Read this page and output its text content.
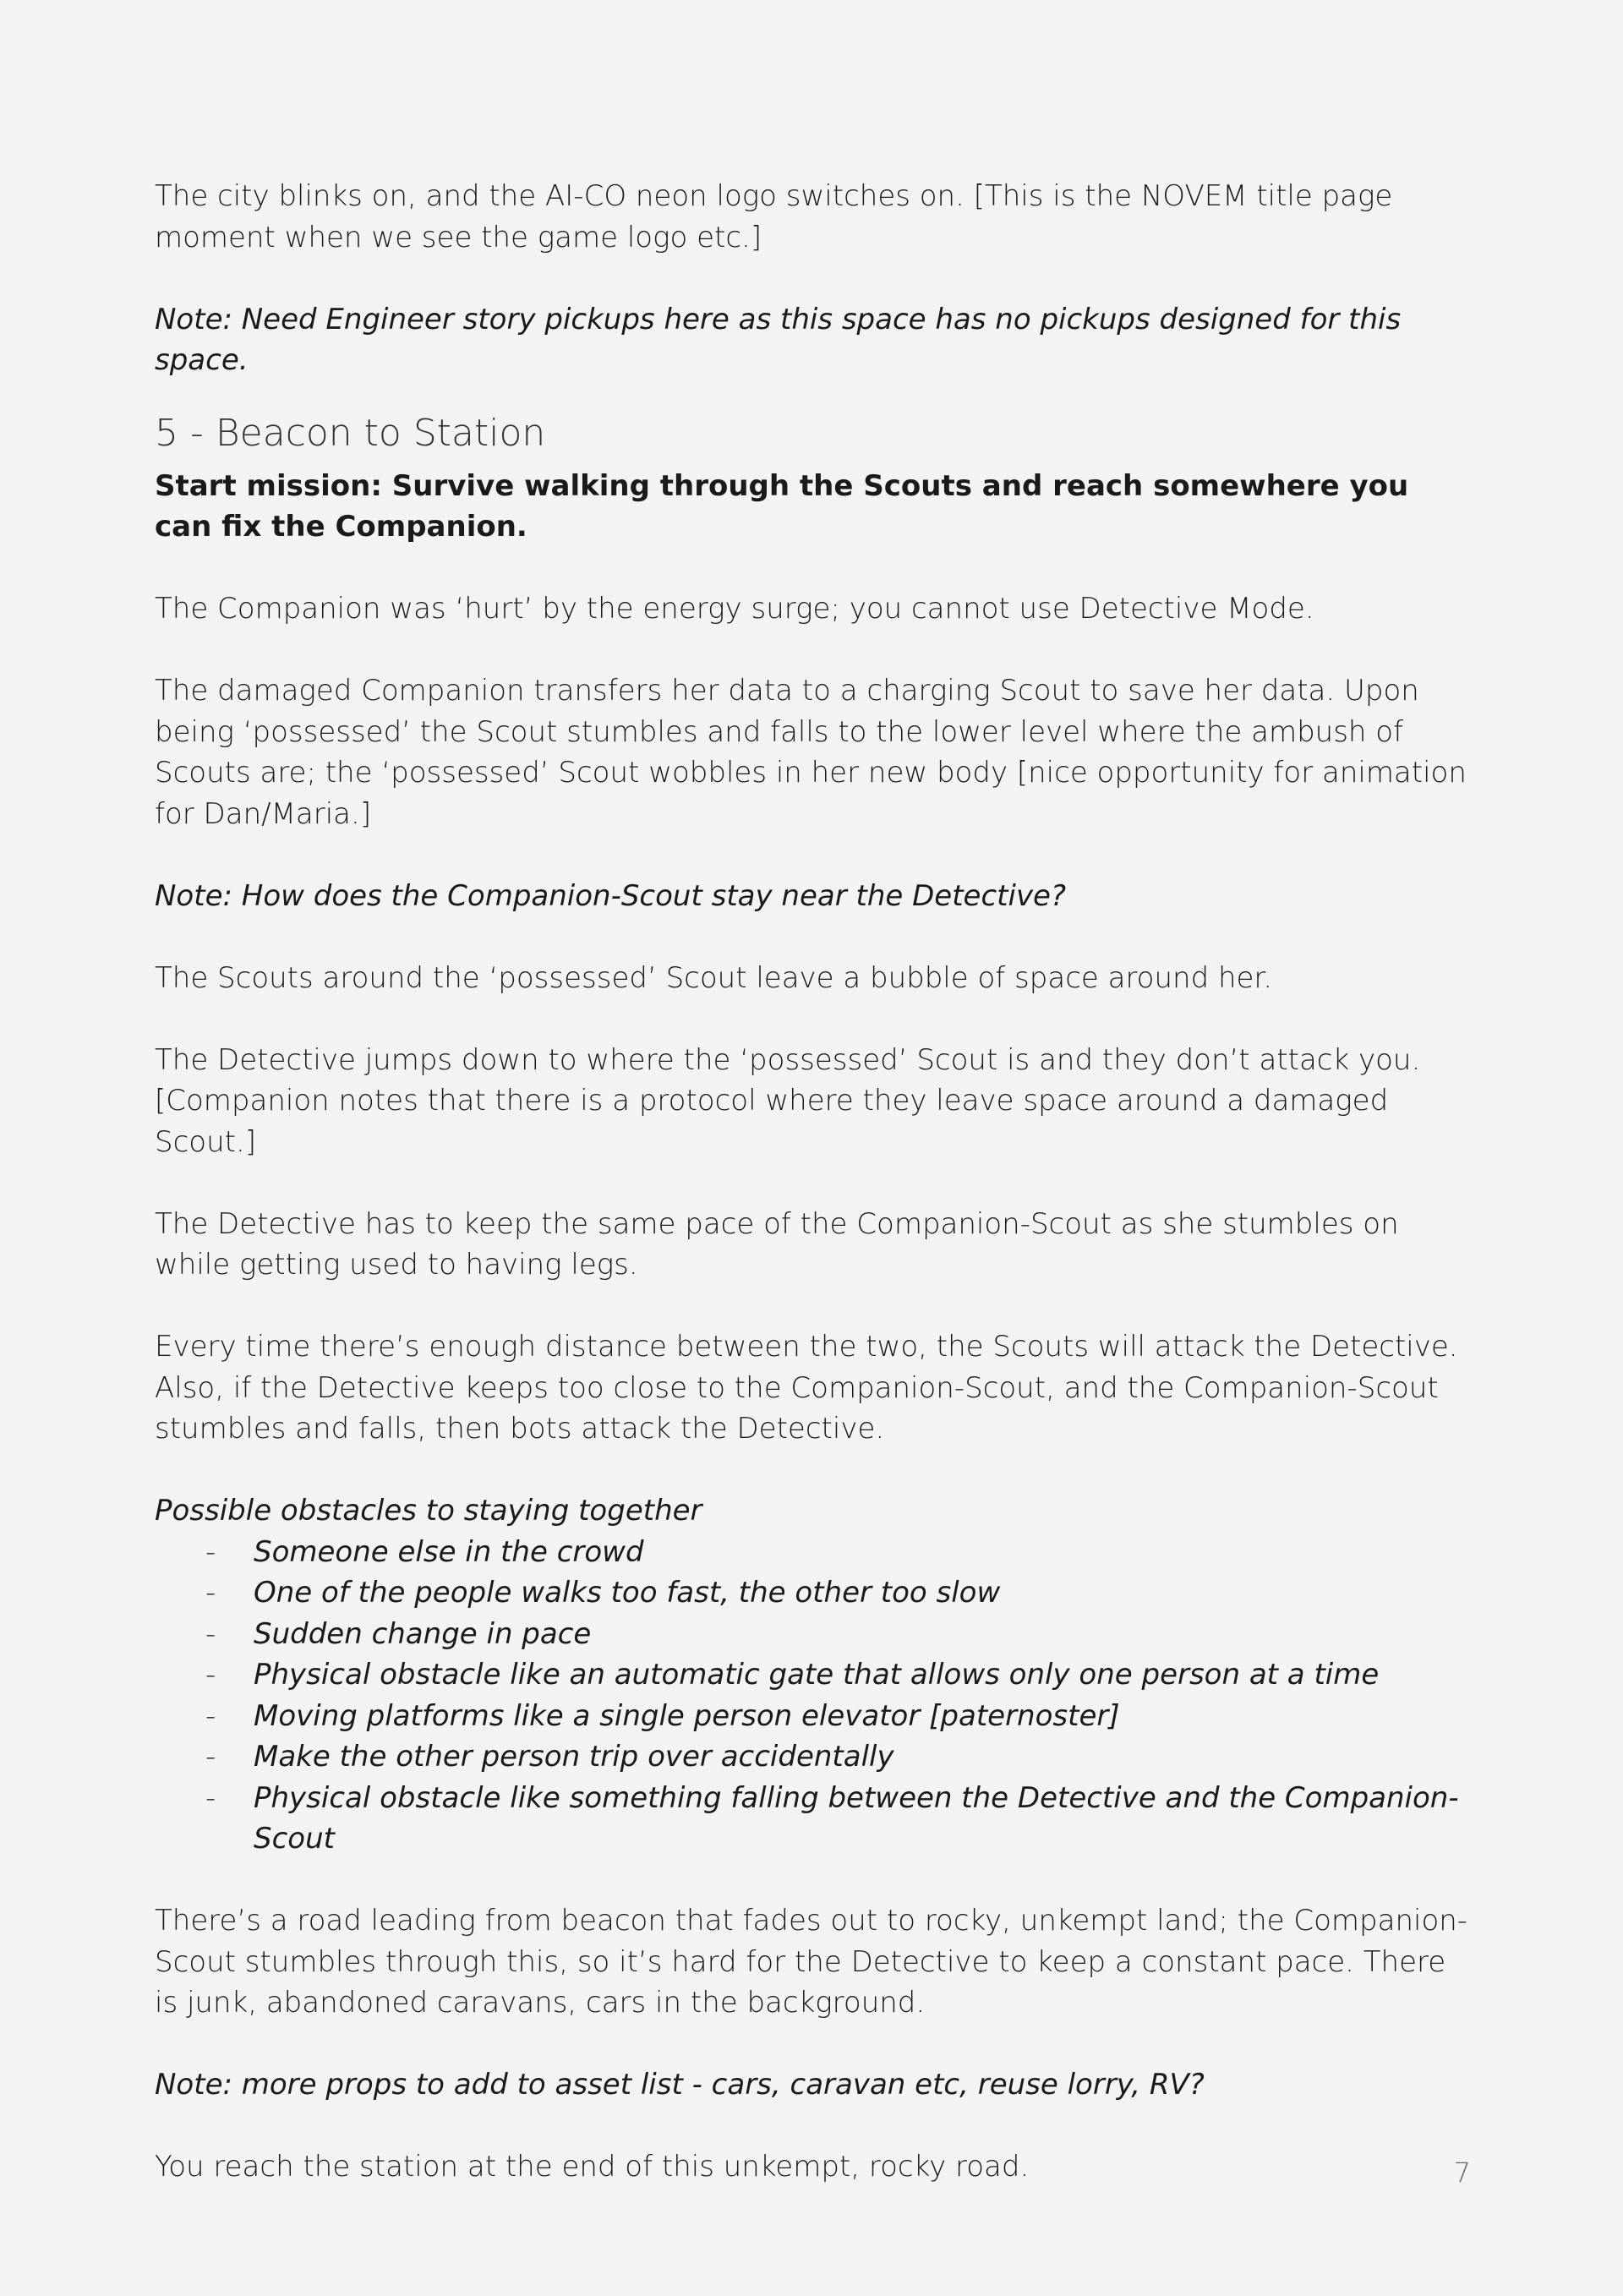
The city blinks on, and the AI-CO neon logo switches on. [This is the NOVEM title page moment when we see the game logo etc.]

Note: Need Engineer story pickups here as this space has no pickups designed for this space.

5 - Beacon to Station

Start mission: Survive walking through the Scouts and reach somewhere you can fix the Companion.

The Companion was ‘hurt’ by the energy surge; you cannot use Detective Mode.

The damaged Companion transfers her data to a charging Scout to save her data. Upon being ‘possessed’ the Scout stumbles and falls to the lower level where the ambush of Scouts are; the ‘possessed’ Scout wobbles in her new body [nice opportunity for animation for Dan/Maria.]

Note: How does the Companion-Scout stay near the Detective?

The Scouts around the ‘possessed’ Scout leave a bubble of space around her.

The Detective jumps down to where the ‘possessed’ Scout is and they don’t attack you. [Companion notes that there is a protocol where they leave space around a damaged Scout.]

The Detective has to keep the same pace of the Companion-Scout as she stumbles on while getting used to having legs.

Every time there’s enough distance between the two, the Scouts will attack the Detective. Also, if the Detective keeps too close to the Companion-Scout, and the Companion-Scout stumbles and falls, then bots attack the Detective.

Possible obstacles to staying together

- Someone else in the crowd
- One of the people walks too fast, the other too slow
- Sudden change in pace
- Physical obstacle like an automatic gate that allows only one person at a time
- Moving platforms like a single person elevator [paternoster]
- Make the other person trip over accidentally
- Physical obstacle like something falling between the Detective and the Companion-Scout

There’s a road leading from beacon that fades out to rocky, unkempt land; the Companion-Scout stumbles through this, so it’s hard for the Detective to keep a constant pace. There is junk, abandoned caravans, cars in the background.

Note: more props to add to asset list - cars, caravan etc, reuse lorry, RV?

You reach the station at the end of this unkempt, rocky road.	7
